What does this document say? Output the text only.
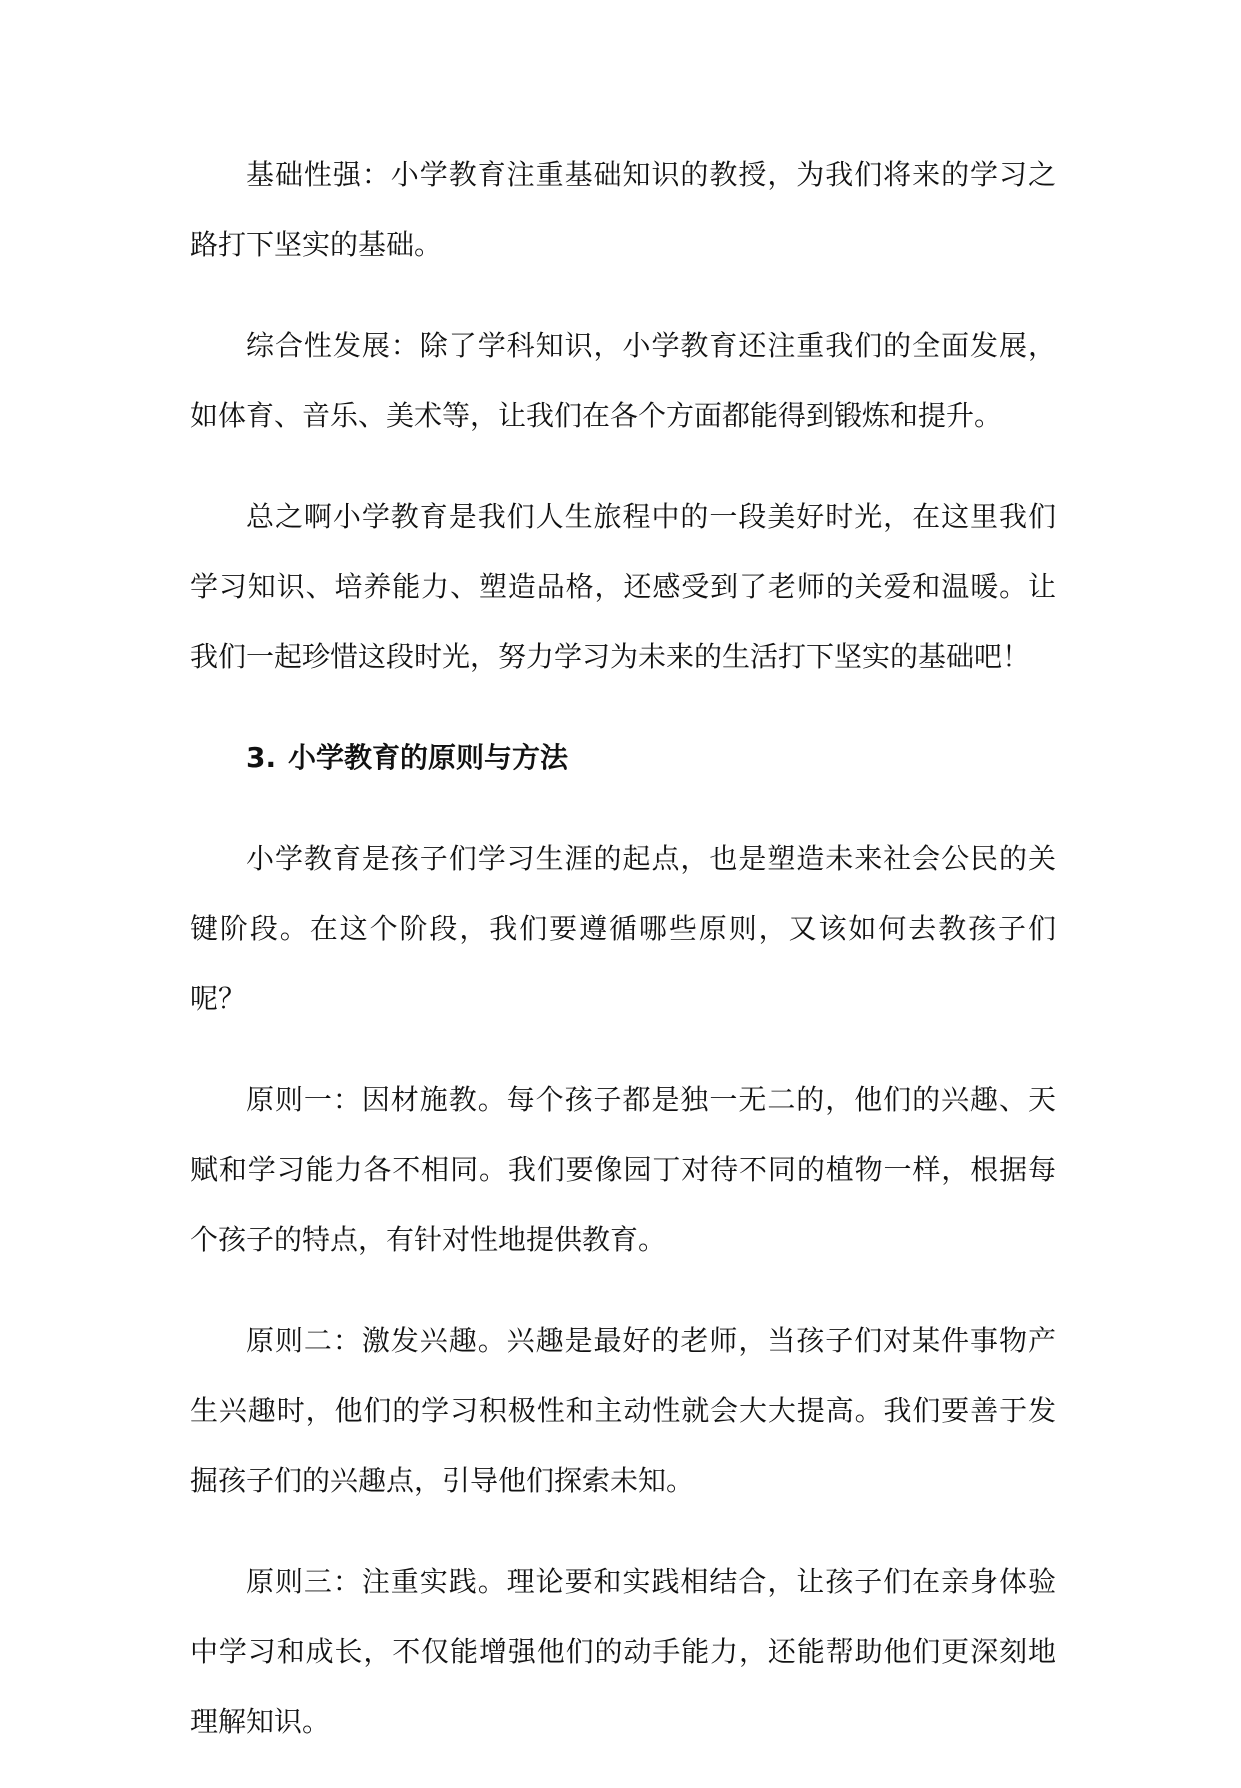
基础性强：小学教育注重基础知识的教授，为我们将来的学习之路打下坚实的基础。

综合性发展：除了学科知识，小学教育还注重我们的全面发展，如体育、音乐、美术等，让我们在各个方面都能得到锻炼和提升。

总之啊小学教育是我们人生旅程中的一段美好时光，在这里我们学习知识、培养能力、塑造品格，还感受到了老师的关爱和温暖。让我们一起珍惜这段时光，努力学习为未来的生活打下坚实的基础吧！

3. 小学教育的原则与方法

小学教育是孩子们学习生涯的起点，也是塑造未来社会公民的关键阶段。在这个阶段，我们要遵循哪些原则，又该如何去教孩子们呢？

原则一：因材施教。每个孩子都是独一无二的，他们的兴趣、天赋和学习能力各不相同。我们要像园丁对待不同的植物一样，根据每个孩子的特点，有针对性地提供教育。

原则二：激发兴趣。兴趣是最好的老师，当孩子们对某件事物产生兴趣时，他们的学习积极性和主动性就会大大提高。我们要善于发掘孩子们的兴趣点，引导他们探索未知。

原则三：注重实践。理论要和实践相结合，让孩子们在亲身体验中学习和成长，不仅能增强他们的动手能力，还能帮助他们更深刻地理解知识。
